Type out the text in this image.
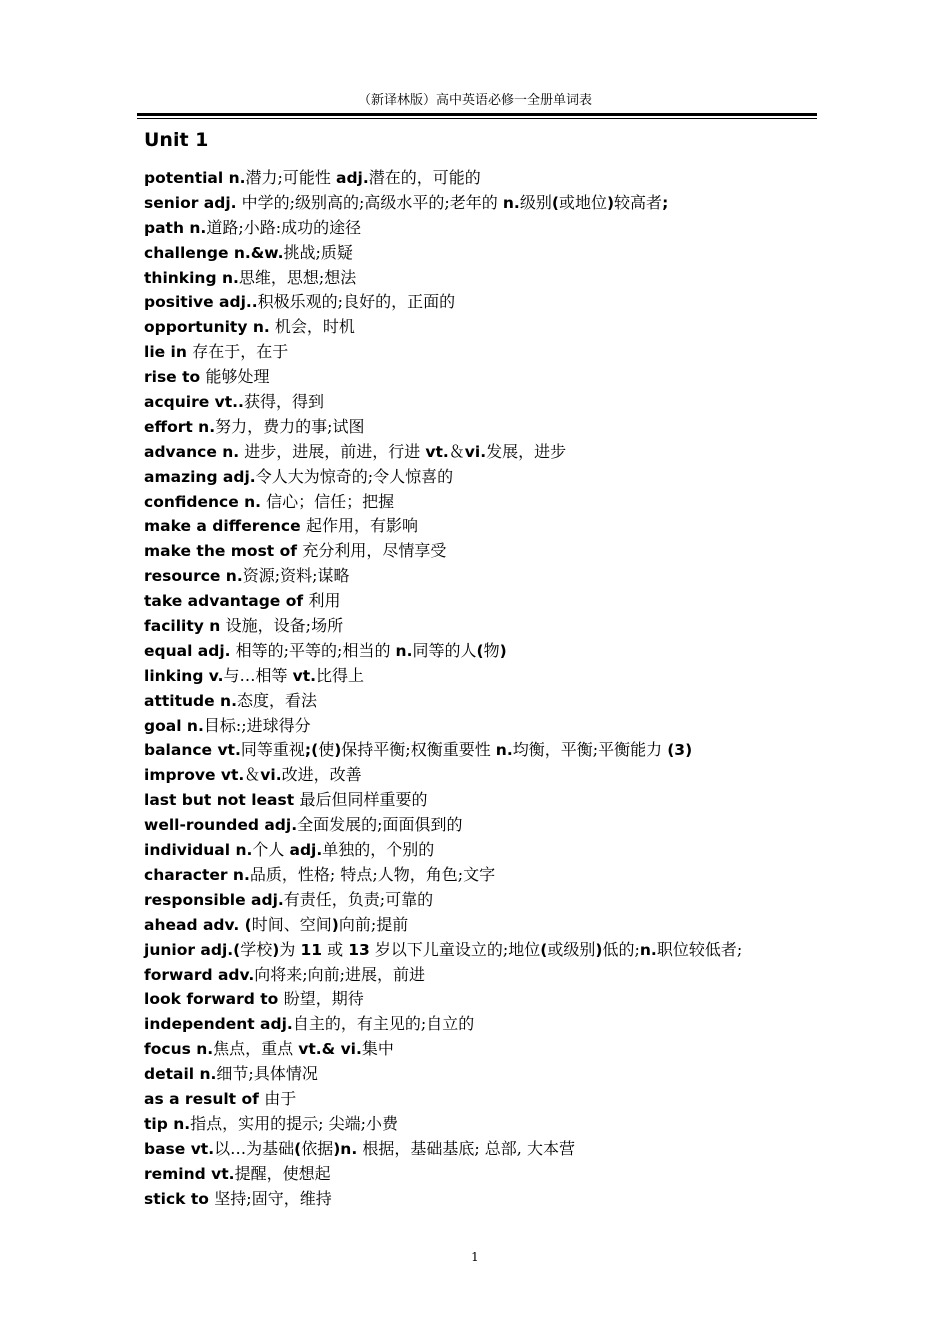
（新译林版）高中英语必修一全册单词表
Unit 1
potential n.潜力;可能性 adj.潜在的，可能的
senior adj. 中学的;级别高的;高级水平的;老年的 n.级别(或地位)较高者;
path n.道路;小路:成功的途径
challenge n.&w.挑战;质疑
thinking n.思维，思想;想法
positive adj..积极乐观的;良好的，正面的
opportunity n. 机会，时机
lie in 存在于，在于
rise to 能够处理
acquire vt..获得，得到
effort n.努力，费力的事;试图
advance n. 进步，进展，前进，行进 vt.＆vi.发展，进步
amazing adj.令人大为惊奇的;令人惊喜的
confidence n. 信心；信任；把握
make a difference 起作用，有影响
make the most of 充分利用，尽情享受
resource n.资源;资料;谋略
take advantage of 利用
facility n 设施，设备;场所
equal adj. 相等的;平等的;相当的 n.同等的人(物)
linking v.与…相等 vt.比得上
attitude n.态度，看法
goal n.目标:;进球得分
balance vt.同等重视;(使)保持平衡;权衡重要性 n.均衡，平衡;平衡能力 (3)
improve vt.＆vi.改进，改善
last but not least 最后但同样重要的
well-rounded adj.全面发展的;面面俱到的
individual n.个人 adj.单独的，个别的
character n.品质，性格; 特点;人物，角色;文字
responsible adj.有责任，负责;可靠的
ahead adv. (时间、空间)向前;提前
junior adj.(学校)为 11 或 13 岁以下儿童设立的;地位(或级别)低的;n.职位较低者;
forward adv.向将来;向前;进展，前进
look forward to 盼望，期待
independent adj.自主的，有主见的;自立的
focus n.焦点，重点 vt.& vi.集中
detail n.细节;具体情况
as a result of 由于
tip n.指点，实用的提示; 尖端;小费
base vt.以…为基础(依据)n. 根据，基础基底; 总部, 大本营
remind vt.提醒，使想起
stick to 坚持;固守，维持
1
